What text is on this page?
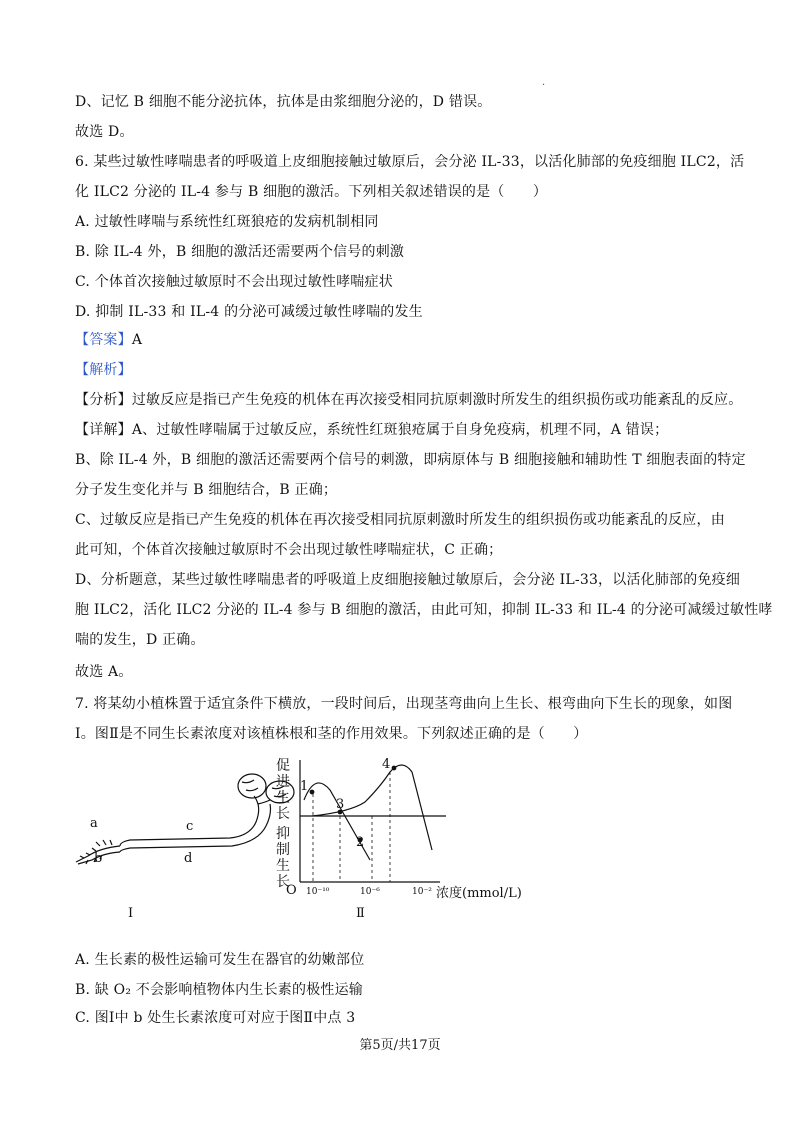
·
D、记忆 B 细胞不能分泌抗体，抗体是由浆细胞分泌的，D 错误。
故选 D。
6. 某些过敏性哮喘患者的呼吸道上皮细胞接触过敏原后，会分泌 IL-33，以活化肺部的免疫细胞 ILC2，活
化 ILC2 分泌的 IL-4 参与 B 细胞的激活。下列相关叙述错误的是（　　）
A. 过敏性哮喘与系统性红斑狼疮的发病机制相同
B. 除 IL-4 外，B 细胞的激活还需要两个信号的刺激
C. 个体首次接触过敏原时不会出现过敏性哮喘症状
D. 抑制 IL-33 和 IL-4 的分泌可减缓过敏性哮喘的发生
【答案】A
【解析】
【分析】过敏反应是指已产生免疫的机体在再次接受相同抗原刺激时所发生的组织损伤或功能紊乱的反应。
【详解】A、过敏性哮喘属于过敏反应，系统性红斑狼疮属于自身免疫病，机理不同，A 错误；
B、除 IL-4 外，B 细胞的激活还需要两个信号的刺激，即病原体与 B 细胞接触和辅助性 T 细胞表面的特定
分子发生变化并与 B 细胞结合，B 正确；
C、过敏反应是指已产生免疫的机体在再次接受相同抗原刺激时所发生的组织损伤或功能紊乱的反应，由
此可知，个体首次接触过敏原时不会出现过敏性哮喘症状，C 正确；
D、分析题意，某些过敏性哮喘患者的呼吸道上皮细胞接触过敏原后，会分泌 IL-33，以活化肺部的免疫细
胞 ILC2，活化 ILC2 分泌的 IL-4 参与 B 细胞的激活，由此可知，抑制 IL-33 和 IL-4 的分泌可减缓过敏性哮
喘的发生，D 正确。
故选 A。
7. 将某幼小植株置于适宜条件下横放，一段时间后，出现茎弯曲向上生长、根弯曲向下生长的现象，如图
Ⅰ。图Ⅱ是不同生长素浓度对该植株根和茎的作用效果。下列叙述正确的是（　　）
a
b
c
d
Ⅰ
促
进
生
长
抑
制
生
长
O 10⁻¹⁰	10⁻⁶	10⁻² 浓度(mmol/L)
1
2
3
4
Ⅱ
A. 生长素的极性运输可发生在器官的幼嫩部位
B. 缺 O₂ 不会影响植物体内生长素的极性运输
C. 图Ⅰ中 b 处生长素浓度可对应于图Ⅱ中点 3
第5页/共17页
